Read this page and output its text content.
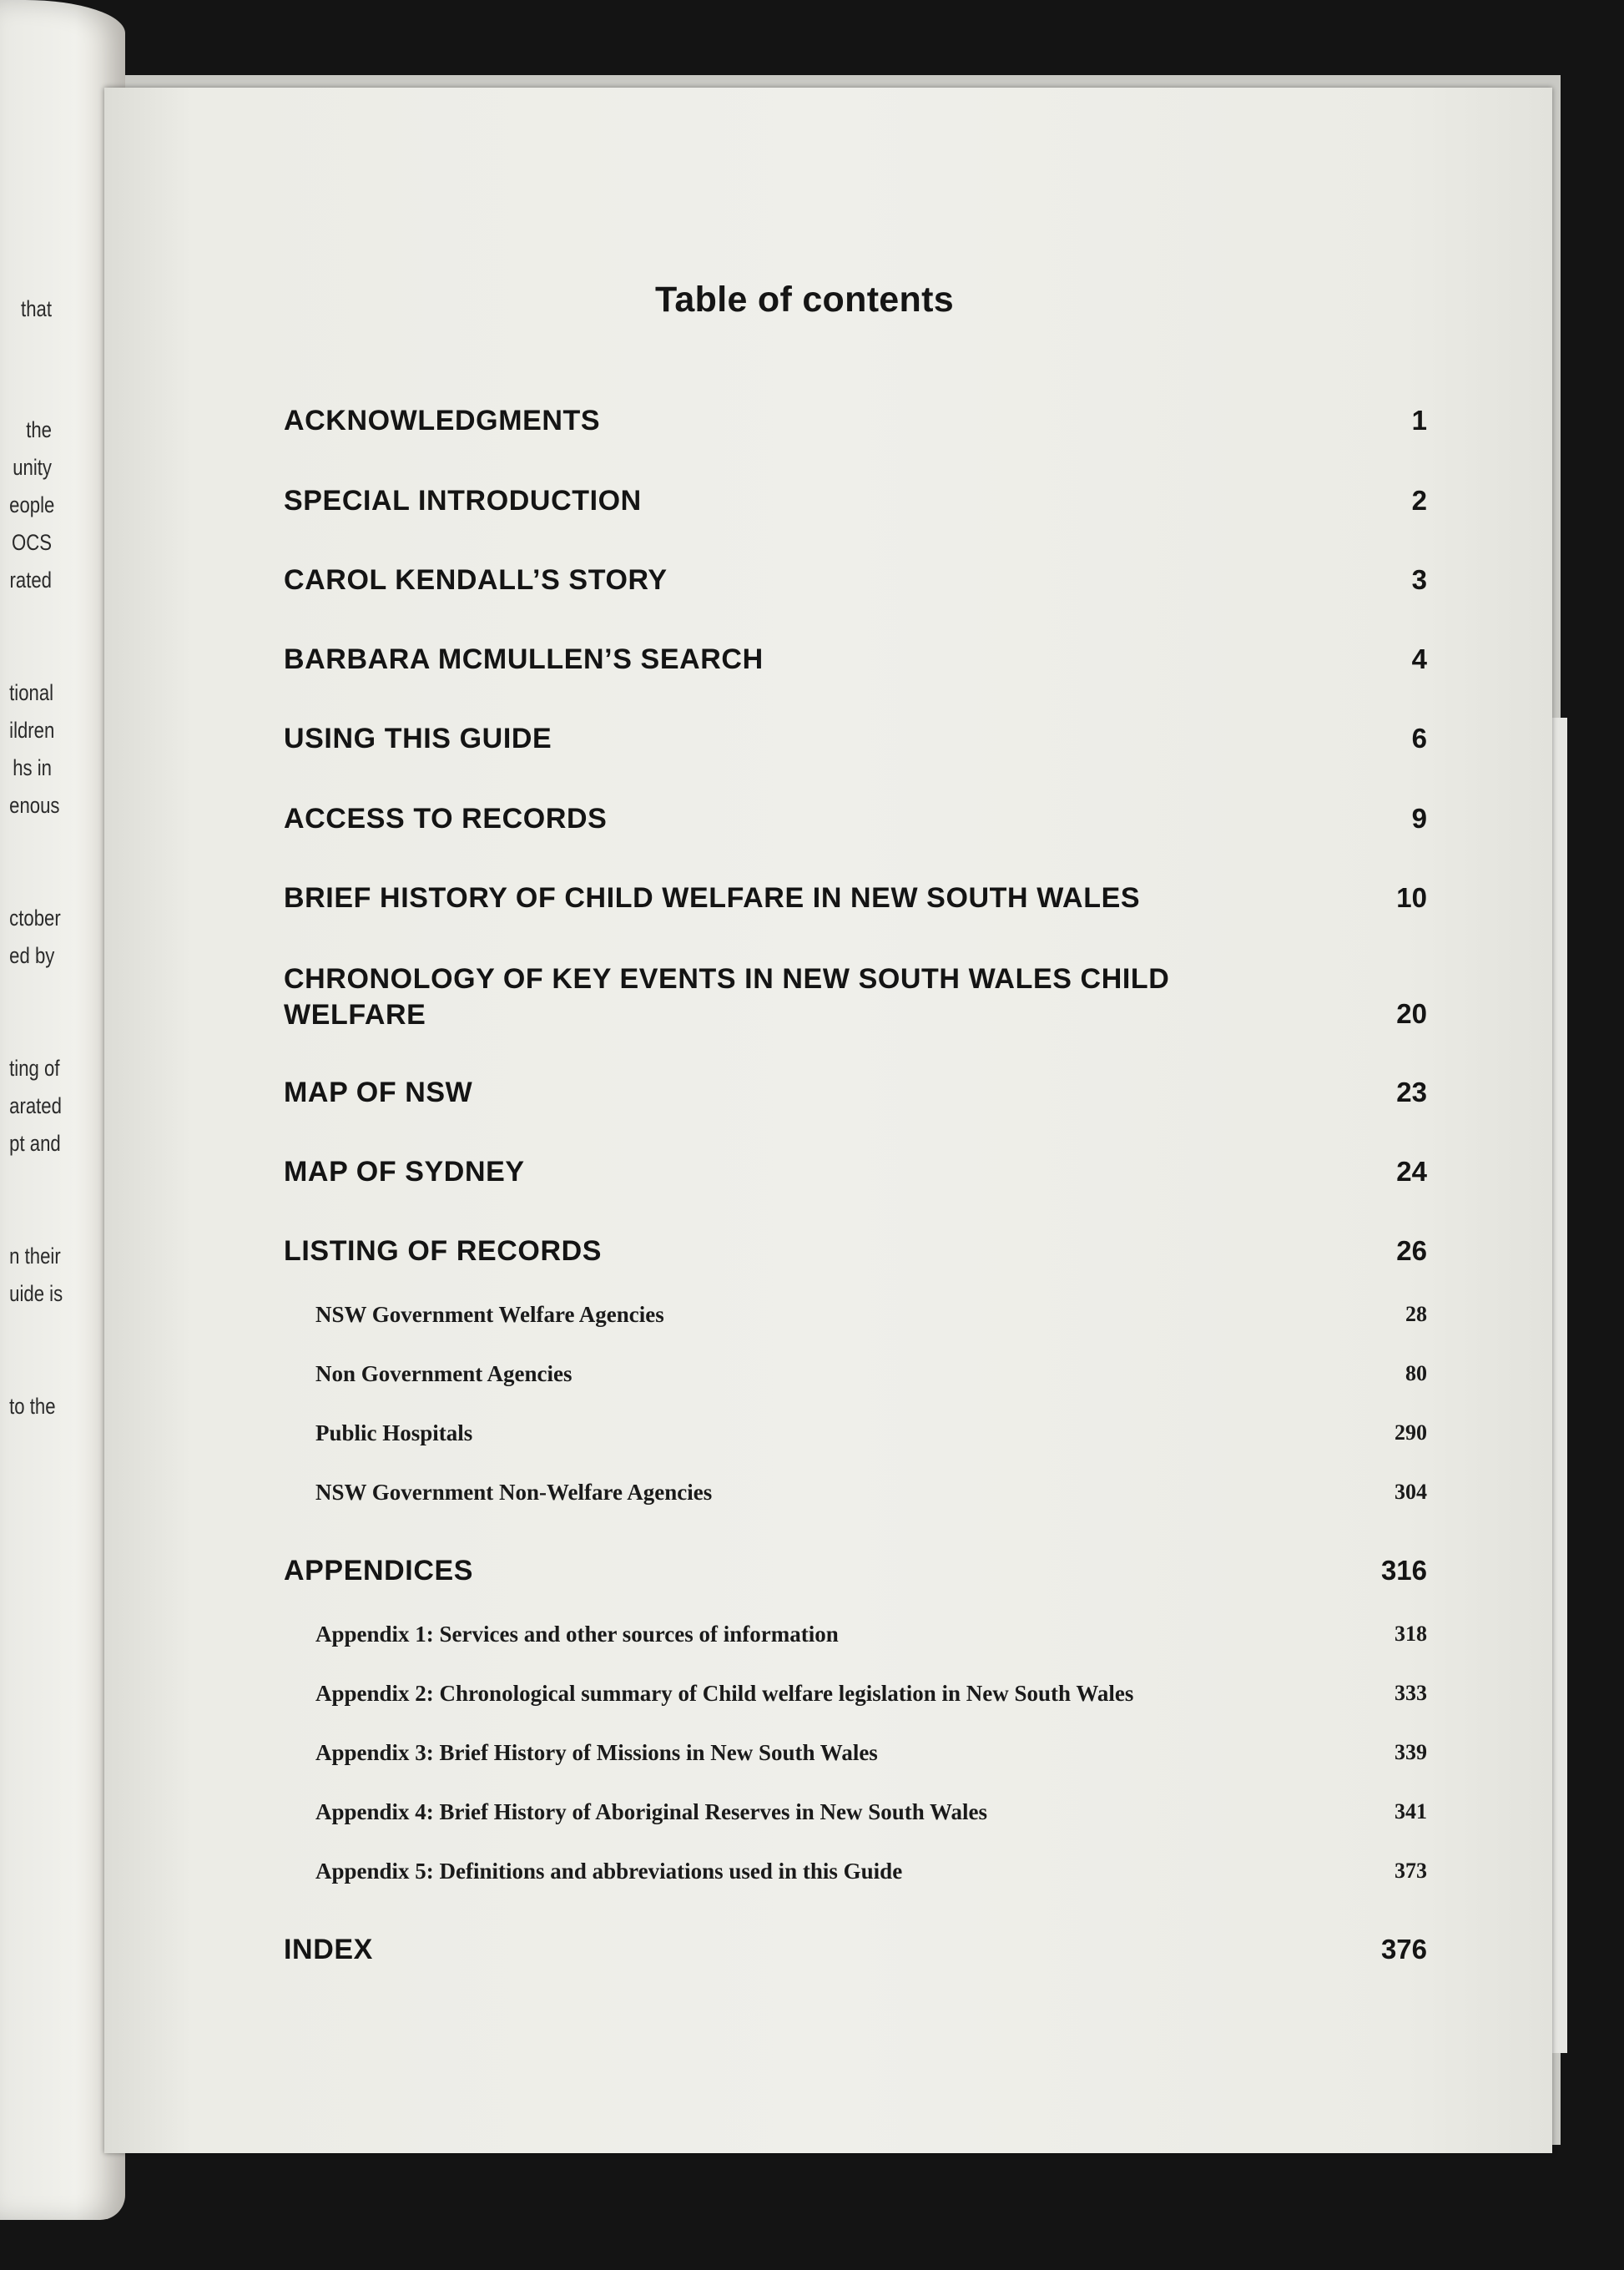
that
the
unity
eople
OCS
rated
tional
ildren
hs in
enous
ctober
ed by
ting of
arated
pt and
n their
uide is
to the
Table of contents
ACKNOWLEDGMENTS	1
SPECIAL INTRODUCTION	2
CAROL KENDALL’S STORY	3
BARBARA MCMULLEN’S SEARCH	4
USING THIS GUIDE	6
ACCESS TO RECORDS	9
BRIEF HISTORY OF CHILD WELFARE IN NEW SOUTH WALES	10
CHRONOLOGY OF KEY EVENTS IN NEW SOUTH WALES CHILD
WELFARE	20
MAP OF NSW	23
MAP OF SYDNEY	24
LISTING OF RECORDS	26
NSW Government Welfare Agencies	28
Non Government Agencies	80
Public Hospitals	290
NSW Government Non-Welfare Agencies	304
APPENDICES	316
Appendix 1: Services and other sources of information	318
Appendix 2: Chronological summary of Child welfare legislation in New South Wales	333
Appendix 3: Brief History of Missions in New South Wales	339
Appendix 4: Brief History of Aboriginal Reserves in New South Wales	341
Appendix 5: Definitions and abbreviations used in this Guide	373
INDEX	376
